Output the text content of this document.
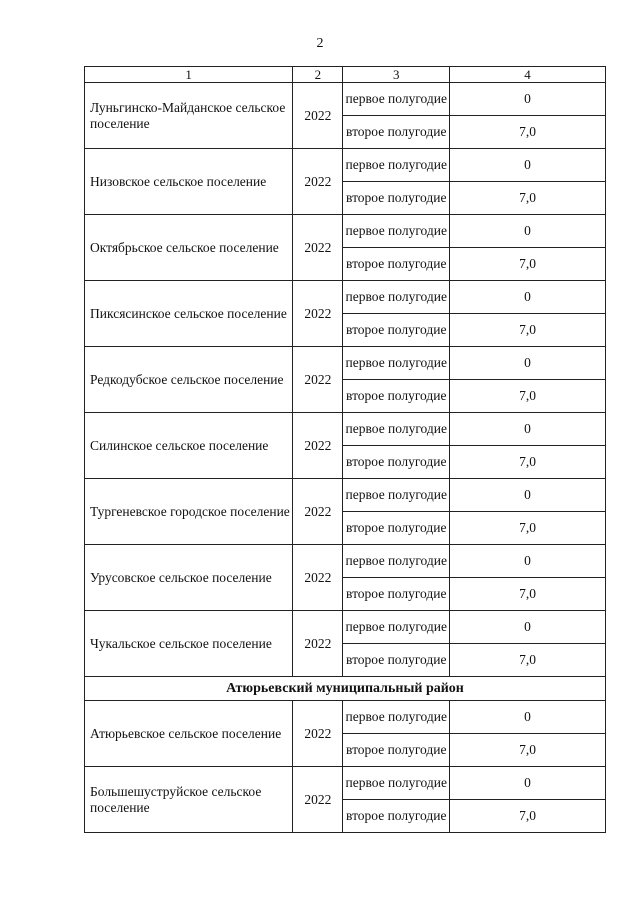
2
1	2	3	4
Луньгинско-Майданское сельское поселение	2022	первое полугодие	0
		второе полугодие	7,0
Низовское сельское поселение	2022	первое полугодие	0
		второе полугодие	7,0
Октябрьское сельское поселение	2022	первое полугодие	0
		второе полугодие	7,0
Пиксясинское сельское поселение	2022	первое полугодие	0
		второе полугодие	7,0
Редкодубское сельское поселение	2022	первое полугодие	0
		второе полугодие	7,0
Силинское сельское поселение	2022	первое полугодие	0
		второе полугодие	7,0
Тургеневское городское поселение	2022	первое полугодие	0
		второе полугодие	7,0
Урусовское сельское поселение	2022	первое полугодие	0
		второе полугодие	7,0
Чукальское сельское поселение	2022	первое полугодие	0
		второе полугодие	7,0
Атюрьевский муниципальный район			
Атюрьевское сельское поселение	2022	первое полугодие	0
		второе полугодие	7,0
Большешуструйское сельское поселение	2022	первое полугодие	0
		второе полугодие	7,0
